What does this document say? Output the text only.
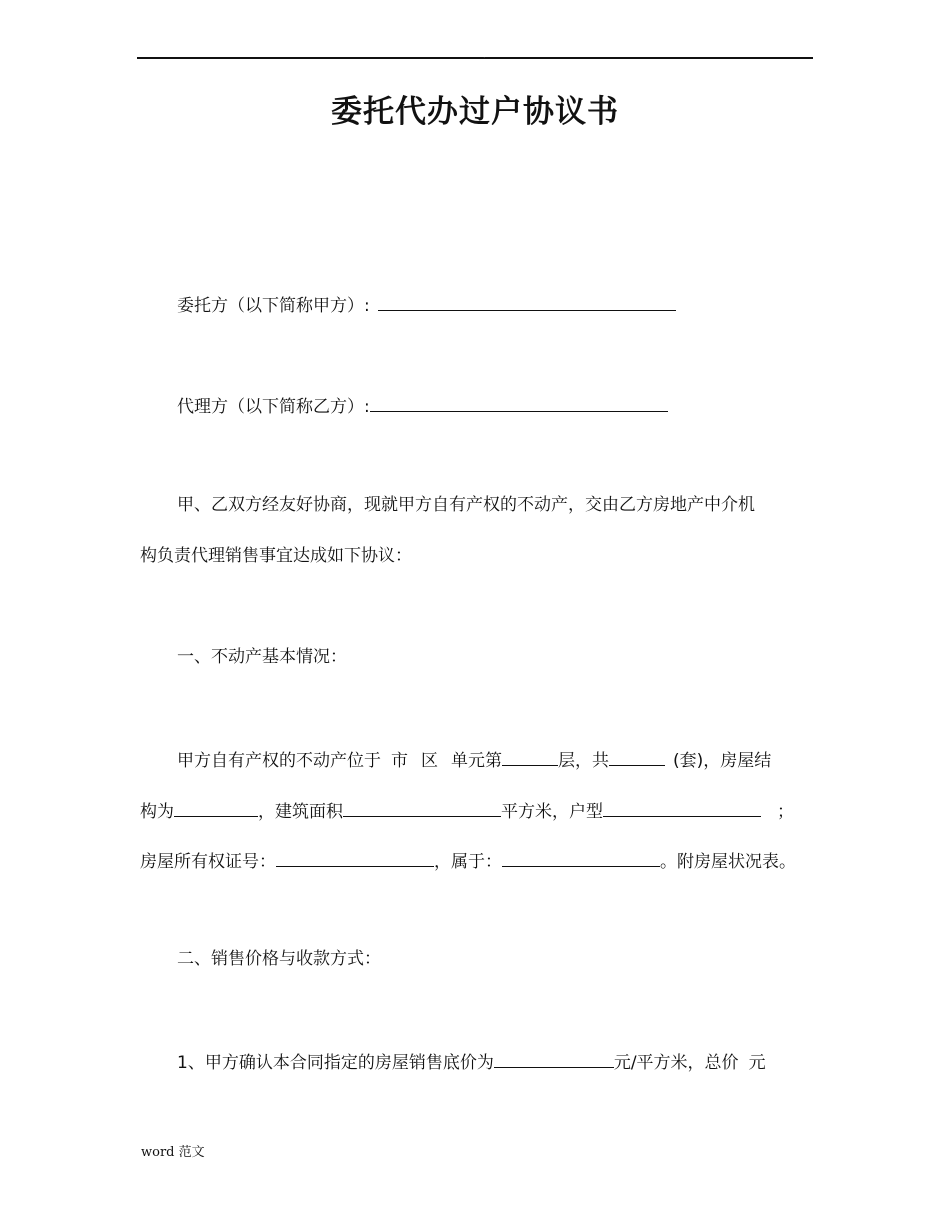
.
委托代办过户协议书
委托方（以下简称甲方）:
代理方（以下简称乙方）:
甲、乙双方经友好协商，现就甲方自有产权的不动产，交由乙方房地产中介机
构负责代理销售事宜达成如下协议：
一、不动产基本情况：
甲方自有产权的不动产位于 市 区 单元第	层，共	(套)，房屋结
构为	，建筑面积	平方米，户型	；
房屋所有权证号：	，属于：	。附房屋状况表。
二、销售价格与收款方式：
1、甲方确认本合同指定的房屋销售底价为	元/平方米，总价 元
word 范文
